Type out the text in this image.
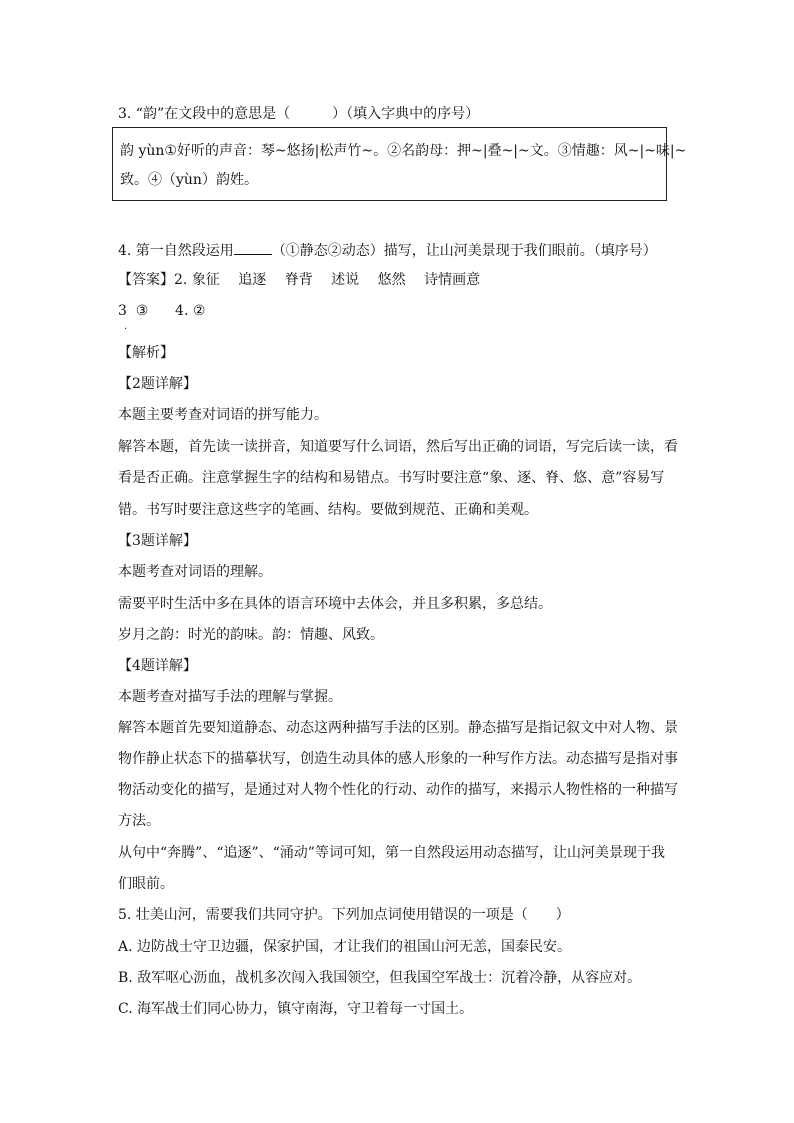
3. “韵”在文段中的意思是（　　　）（填入字典中的序号）
韵 yùn①好听的声音：琴~悠扬|松声竹~。②名韵母：押~|叠~|~文。③情趣：风~|~味|~
致。④（yùn）韵姓。
4. 第一自然段运用	（①静态②动态）描写，让山河美景现于我们眼前。（填序号）
【答案】2. 象征 追逐 脊背 述说 悠然 诗情画意
3  ③      4. ②
.
【解析】
【2题详解】
本题主要考查对词语的拼写能力。
解答本题，首先读一读拼音，知道要写什么词语，然后写出正确的词语，写完后读一读，看
看是否正确。注意掌握生字的结构和易错点。书写时要注意“象、逐、脊、悠、意”容易写
错。书写时要注意这些字的笔画、结构。要做到规范、正确和美观。
【3题详解】
本题考查对词语的理解。
需要平时生活中多在具体的语言环境中去体会，并且多积累，多总结。
岁月之韵：时光的韵味。韵：情趣、风致。
【4题详解】
本题考查对描写手法的理解与掌握。
解答本题首先要知道静态、动态这两种描写手法的区别。静态描写是指记叙文中对人物、景
物作静止状态下的描摹状写，创造生动具体的感人形象的一种写作方法。动态描写是指对事
物活动变化的描写，是通过对人物个性化的行动、动作的描写，来揭示人物性格的一种描写
方法。
从句中“奔腾”、“追逐”、“涌动”等词可知，第一自然段运用动态描写，让山河美景现于我
们眼前。
5. 壮美山河，需要我们共同守护。下列加点词使用错误的一项是（　　）
A. 边防战士守卫边疆，保家护国，才让我们的祖国山河无恙，国泰民安。
B. 敌军呕心沥血，战机多次闯入我国领空，但我国空军战士：沉着冷静，从容应对。
C. 海军战士们同心协力，镇守南海，守卫着每一寸国土。
